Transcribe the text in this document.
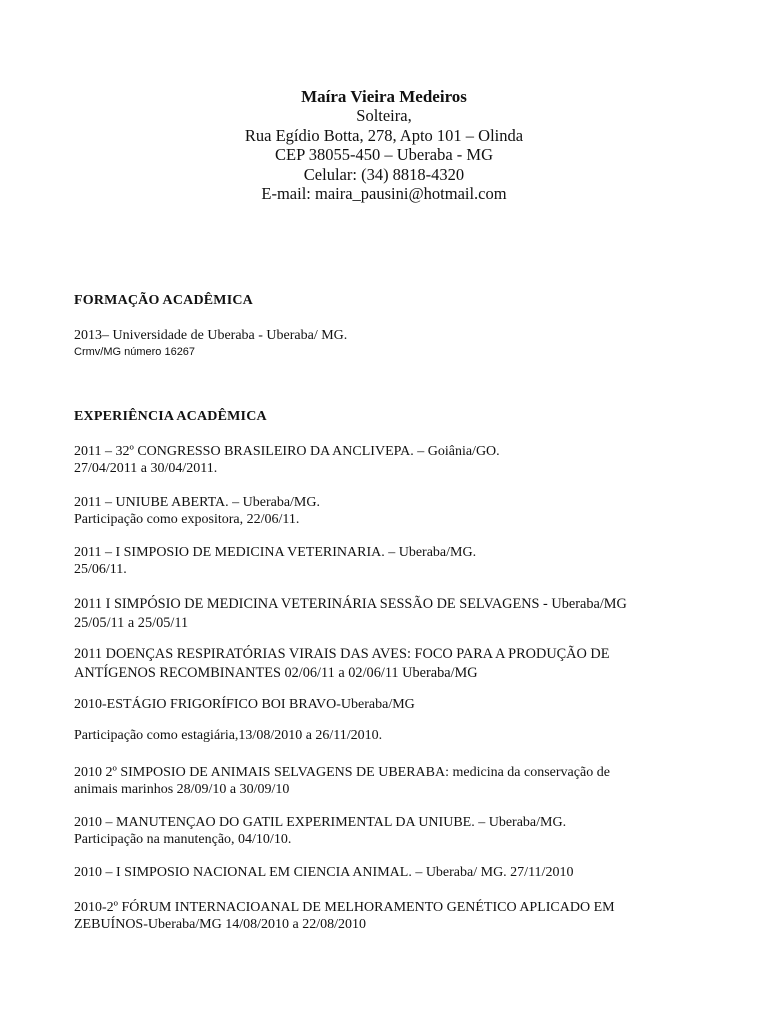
Maíra Vieira Medeiros
Solteira,
Rua Egídio Botta, 278, Apto 101 – Olinda
CEP 38055-450 – Uberaba - MG
Celular: (34) 8818-4320
E-mail: maira_pausini@hotmail.com
FORMAÇÃO ACADÊMICA
2013– Universidade de Uberaba - Uberaba/ MG.
Crmv/MG número 16267
EXPERIÊNCIA ACADÊMICA
2011 – 32º CONGRESSO BRASILEIRO DA ANCLIVEPA. – Goiânia/GO.
27/04/2011 a 30/04/2011.
2011 – UNIUBE ABERTA. – Uberaba/MG.
Participação como expositora, 22/06/11.
2011 – I SIMPOSIO DE MEDICINA VETERINARIA. – Uberaba/MG.
25/06/11.
2011 I SIMPÓSIO DE MEDICINA VETERINÁRIA SESSÃO DE SELVAGENS - Uberaba/MG
25/05/11 a 25/05/11
2011 DOENÇAS RESPIRATÓRIAS VIRAIS DAS AVES: FOCO PARA A PRODUÇÃO DE
ANTÍGENOS RECOMBINANTES 02/06/11 a 02/06/11 Uberaba/MG
2010-ESTÁGIO FRIGORÍFICO BOI BRAVO-Uberaba/MG
Participação como estagiária,13/08/2010 a 26/11/2010.
2010 2º SIMPOSIO DE ANIMAIS SELVAGENS DE UBERABA: medicina da conservação de
animais marinhos 28/09/10 a 30/09/10
2010 – MANUTENÇAO DO GATIL EXPERIMENTAL DA UNIUBE. – Uberaba/MG.
Participação na manutenção, 04/10/10.
2010 – I SIMPOSIO NACIONAL EM CIENCIA ANIMAL. – Uberaba/ MG. 27/11/2010
2010-2º FÓRUM INTERNACIOANAL DE MELHORAMENTO GENÉTICO APLICADO EM
ZEBUÍNOS-Uberaba/MG 14/08/2010 a 22/08/2010
